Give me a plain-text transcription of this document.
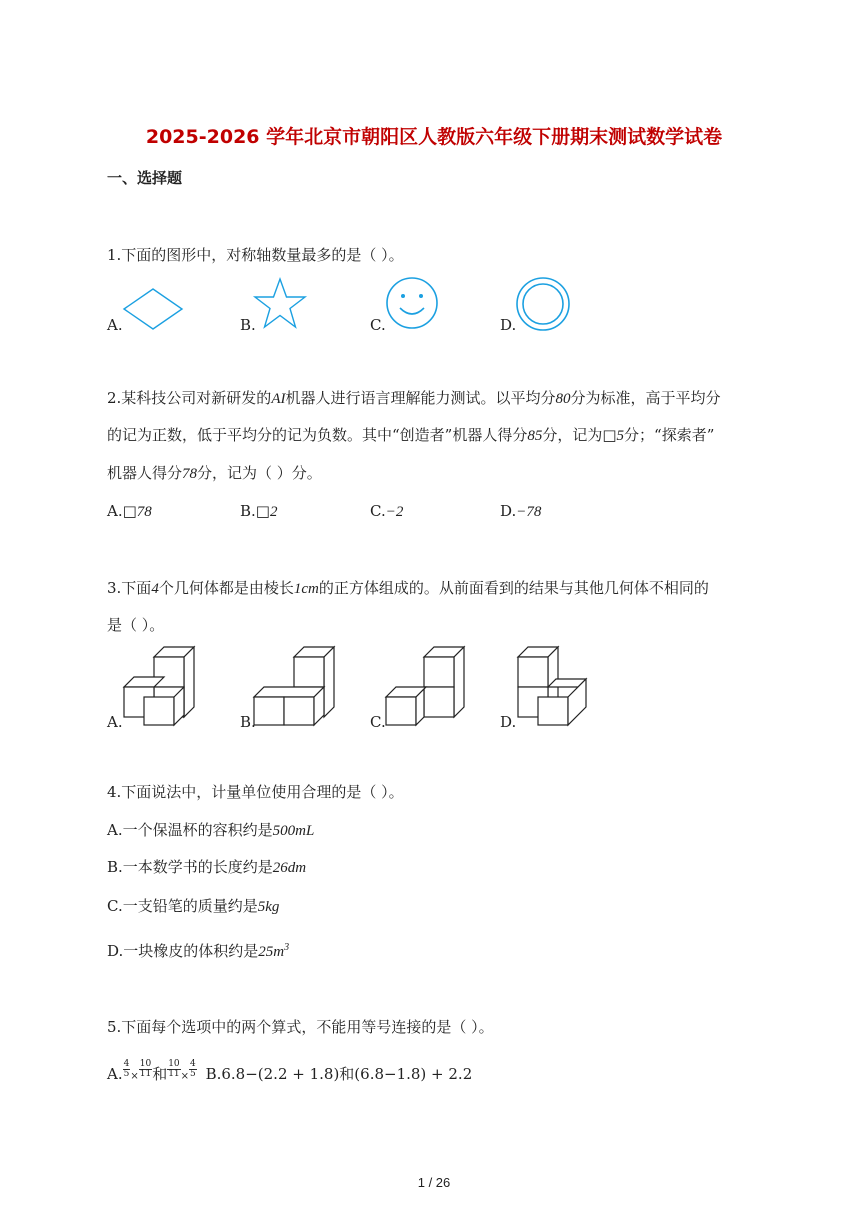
2025-2026 学年北京市朝阳区人教版六年级下册期末测试数学试卷
一、选择题
1.下面的图形中，对称轴数量最多的是（ ）。
A.	B.	C.	D.
2.某科技公司对新研发的AI机器人进行语言理解能力测试。以平均分80分为标准，高于平均分
的记为正数，低于平均分的记为负数。其中“创造者”机器人得分85分，记为□5分；“探索者”
机器人得分78分，记为（ ）分。
A.□78	B.□2	C.−2	D.−78
3.下面4个几何体都是由棱长1cm的正方体组成的。从前面看到的结果与其他几何体不相同的
是（ ）。
A.	B.	C.	D.
4.下面说法中，计量单位使用合理的是（ ）。
A.一个保温杯的容积约是500mL
B.一本数学书的长度约是26dm
C.一支铅笔的质量约是5kg
D.一块橡皮的体积约是$25m^3$
5.下面每个选项中的两个算式，不能用等号连接的是（ ）。
A. $\frac{4}{5} \times \frac{10}{11}$ 和 $\frac{10}{11} \times \frac{4}{5} B.6.8-(2.2 + 1.8)$和(6.8−1.8) + 2.2
1 / 26
